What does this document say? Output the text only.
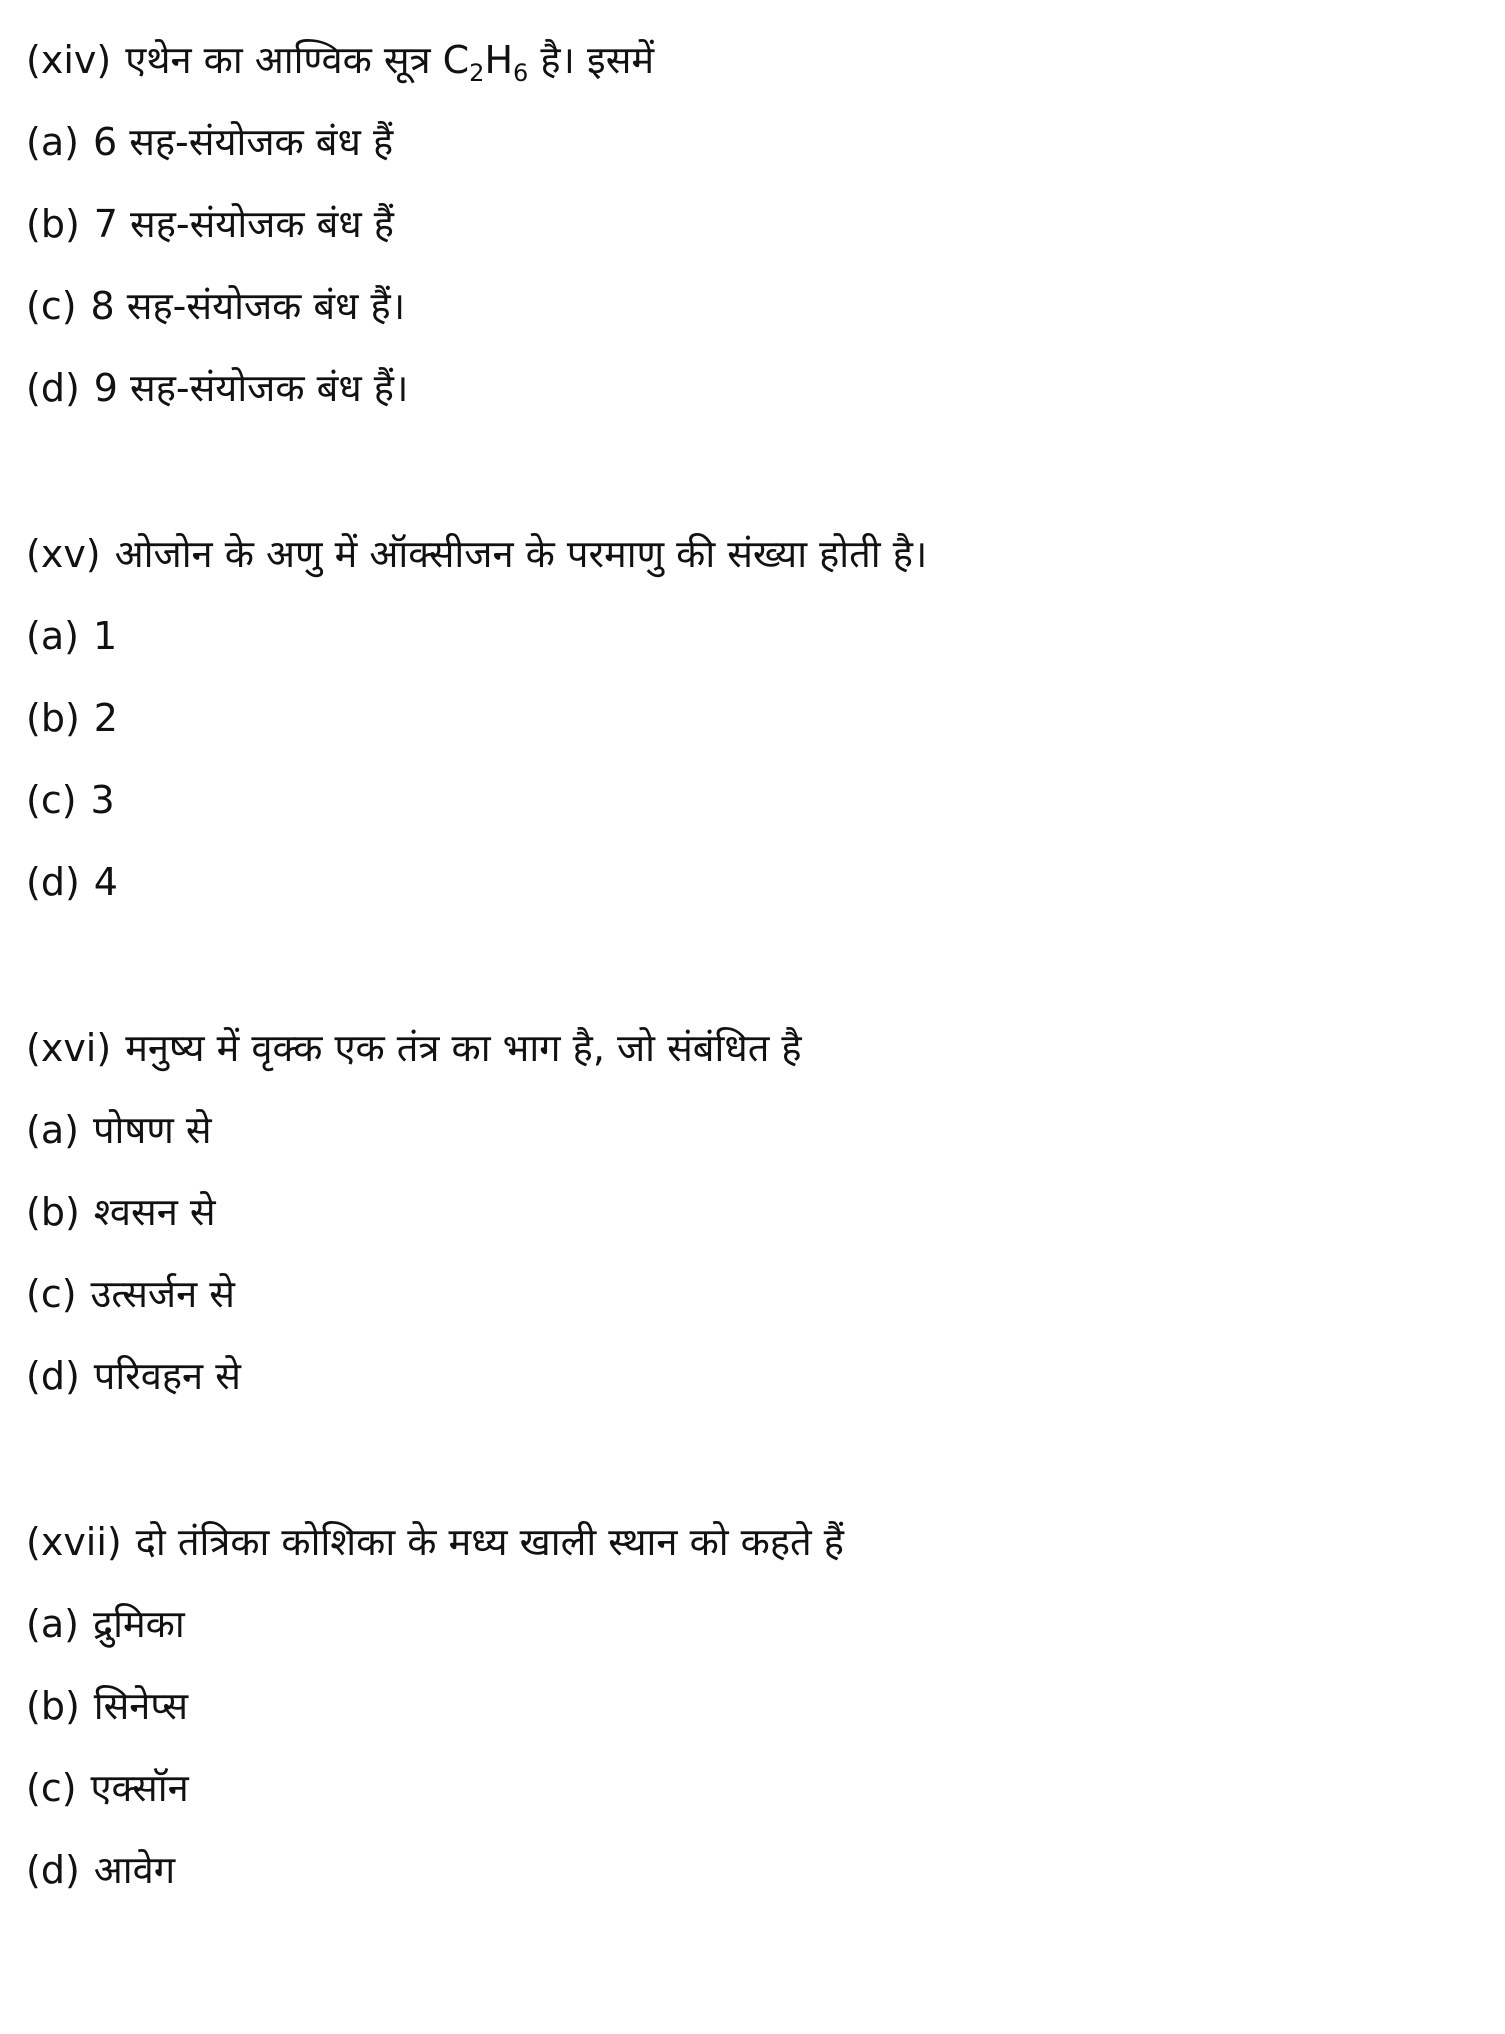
(xiv) एथेन का आण्विक सूत्र $C_2H_6$ है। इसमें
(a) 6 सह-संयोजक बंध हैं
(b) 7 सह-संयोजक बंध हैं
(c) 8 सह-संयोजक बंध हैं।
(d) 9 सह-संयोजक बंध हैं।
(xv) ओजोन के अणु में ऑक्सीजन के परमाणु की संख्या होती है।
(a) 1
(b) 2
(c) 3
(d) 4
(xvi) मनुष्य में वृक्क एक तंत्र का भाग है, जो संबंधित है
(a) पोषण से
(b) श्वसन से
(c) उत्सर्जन से
(d) परिवहन से
(xvii) दो तंत्रिका कोशिका के मध्य खाली स्थान को कहते हैं
(a) द्रुमिका
(b) सिनेप्स
(c) एक्सॉन
(d) आवेग
